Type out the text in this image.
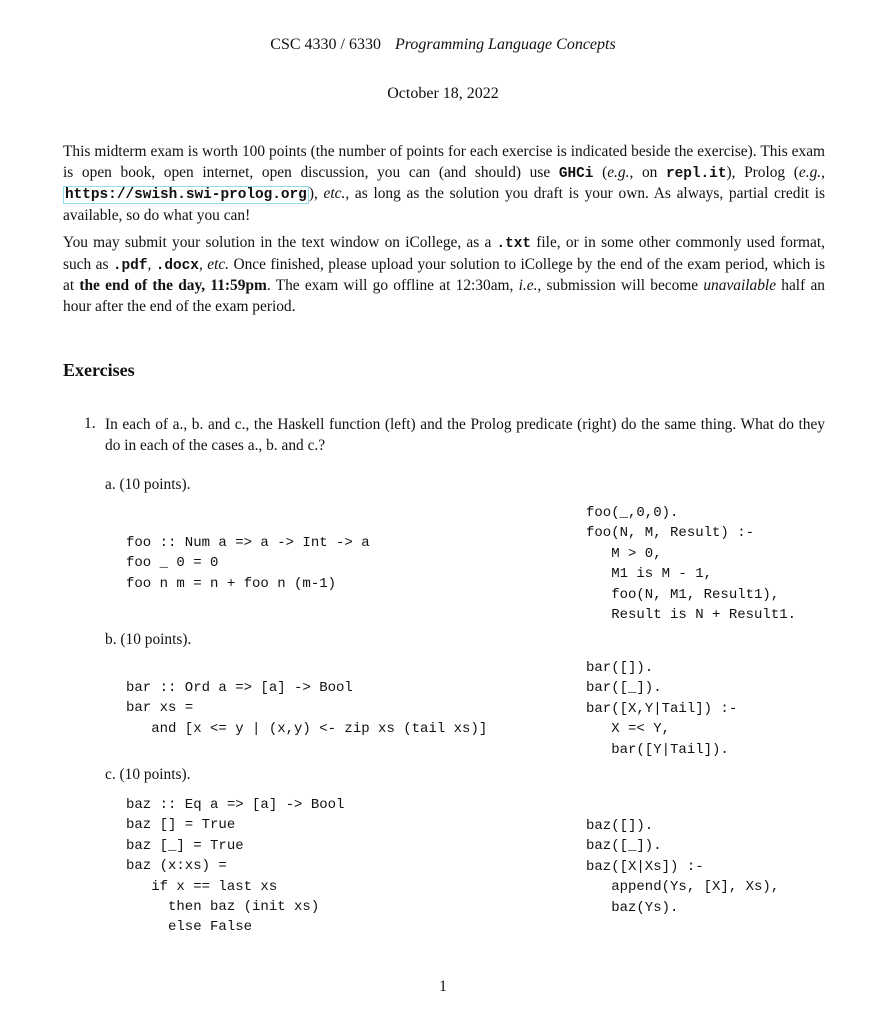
CSC 4330 / 6330 Programming Language Concepts
October 18, 2022
This midterm exam is worth 100 points (the number of points for each exercise is indicated beside the exercise). This exam is open book, open internet, open discussion, you can (and should) use GHCi (e.g., on repl.it), Prolog (e.g., https://swish.swi-prolog.org ), etc., as long as the solution you draft is your own. As always, partial credit is available, so do what you can!
You may submit your solution in the text window on iCollege, as a .txt file, or in some other commonly used format, such as .pdf, .docx, etc. Once finished, please upload your solution to iCollege by the end of the exam period, which is at the end of the day, 11:59pm. The exam will go offline at 12:30am, i.e., submission will become unavailable half an hour after the end of the exam period.
Exercises
1. In each of a., b. and c., the Haskell function (left) and the Prolog predicate (right) do the same thing. What do they do in each of the cases a., b. and c.?
a. (10 points).
foo :: Num a => a -> Int -> a
foo _ 0 = 0
foo n m = n + foo n (m-1)
foo(_,0,0).
foo(N, M, Result) :-
M > 0,
M1 is M - 1,
foo(N, M1, Result1),
Result is N + Result1.
b. (10 points).
bar :: Ord a => [a] -> Bool
bar xs =
and [x <= y | (x,y) <- zip xs (tail xs)]
bar([]).
bar([_]).
bar([X,Y|Tail]) :-
X =< Y,
bar([Y|Tail]).
c. (10 points).
baz :: Eq a => [a] -> Bool
baz [] = True
baz [_] = True
baz (x:xs) =
if x == last xs
then baz (init xs)
else False
baz([]).
baz([_]).
baz([X|Xs]) :-
append(Ys, [X], Xs),
baz(Ys).
1
